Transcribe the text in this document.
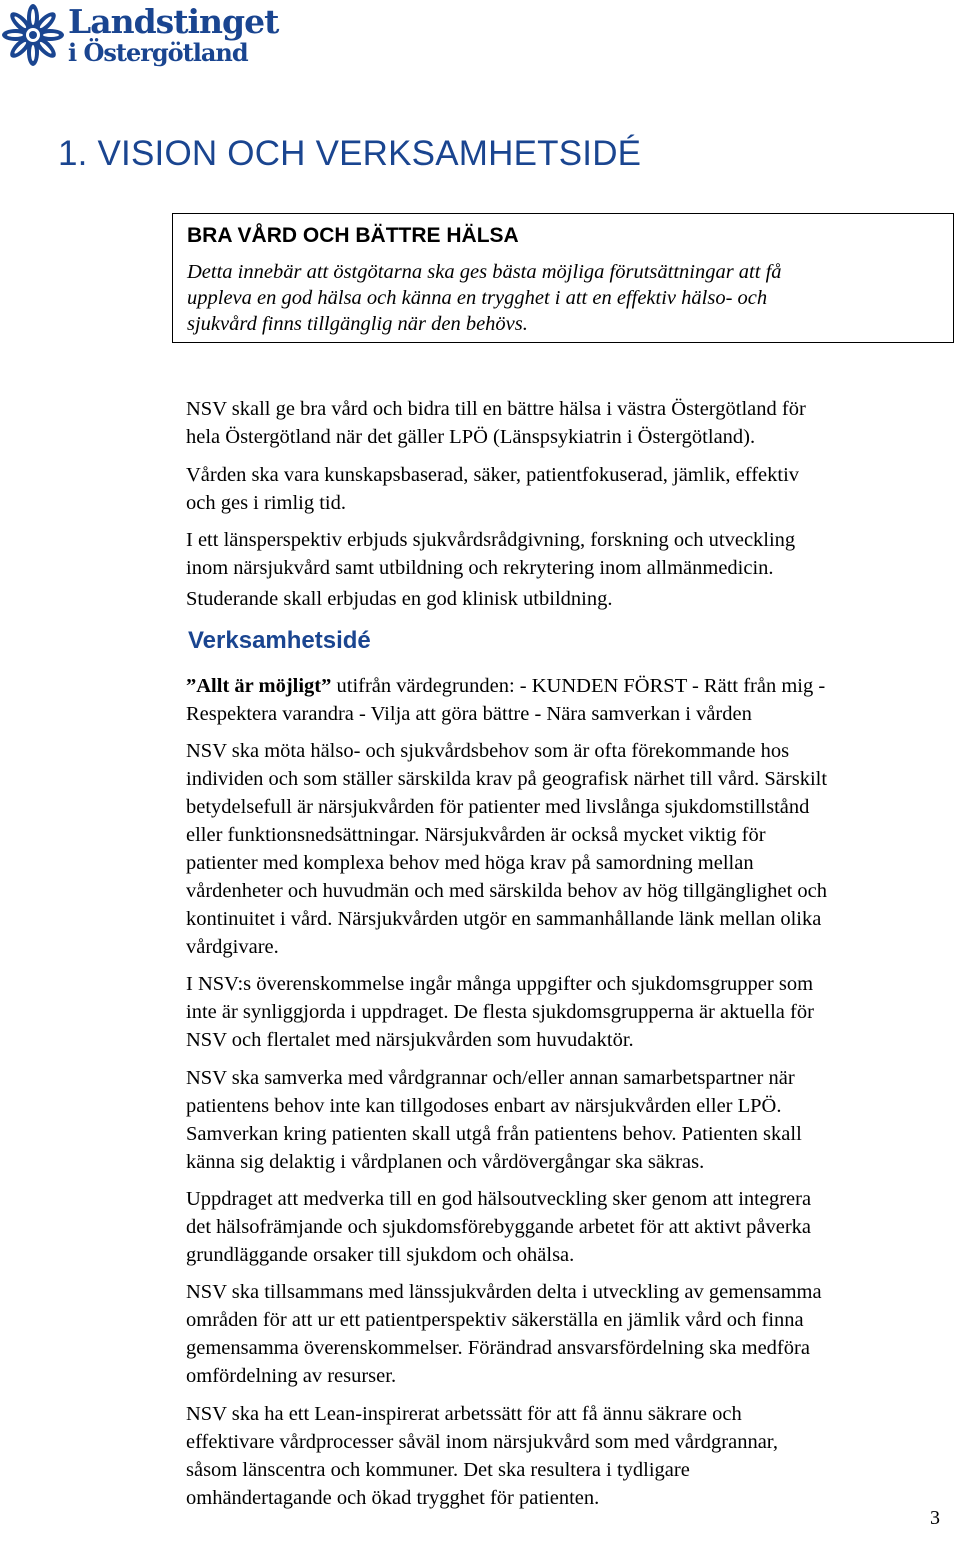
Landstinget
i Östergötland
1. VISION OCH VERKSAMHETSIDÉ
BRA VÅRD OCH BÄTTRE HÄLSA

Detta innebär att östgötarna ska ges bästa möjliga förutsättningar att få
uppleva en god hälsa och känna en trygghet i att en effektiv hälso- och
sjukvård finns tillgänglig när den behövs.

NSV skall ge bra vård och bidra till en bättre hälsa i västra Östergötland för
hela Östergötland när det gäller LPÖ (Länspsykiatrin i Östergötland).

Vården ska vara kunskapsbaserad, säker, patientfokuserad, jämlik, effektiv
och ges i rimlig tid.

I ett länsperspektiv erbjuds sjukvårdsrådgivning, forskning och utveckling
inom närsjukvård samt utbildning och rekrytering inom allmänmedicin.
Studerande skall erbjudas en god klinisk utbildning.

Verksamhetsidé

”Allt är möjligt” utifrån värdegrunden: - KUNDEN FÖRST - Rätt från mig -
Respektera varandra - Vilja att göra bättre - Nära samverkan i vården

NSV ska möta hälso- och sjukvårdsbehov som är ofta förekommande hos
individen och som ställer särskilda krav på geografisk närhet till vård. Särskilt
betydelsefull är närsjukvården för patienter med livslånga sjukdomstillstånd
eller funktionsnedsättningar. Närsjukvården är också mycket viktig för
patienter med komplexa behov med höga krav på samordning mellan
vårdenheter och huvudmän och med särskilda behov av hög tillgänglighet och
kontinuitet i vård. Närsjukvården utgör en sammanhållande länk mellan olika
vårdgivare.

I NSV:s överenskommelse ingår många uppgifter och sjukdomsgrupper som
inte är synliggjorda i uppdraget. De flesta sjukdomsgrupperna är aktuella för
NSV och flertalet med närsjukvården som huvudaktör.

NSV ska samverka med vårdgrannar och/eller annan samarbetspartner när
patientens behov inte kan tillgodoses enbart av närsjukvården eller LPÖ.
Samverkan kring patienten skall utgå från patientens behov. Patienten skall
känna sig delaktig i vårdplanen och vårdövergångar ska säkras.

Uppdraget att medverka till en god hälsoutveckling sker genom att integrera
det hälsofrämjande och sjukdomsförebyggande arbetet för att aktivt påverka
grundläggande orsaker till sjukdom och ohälsa.

NSV ska tillsammans med länssjukvården delta i utveckling av gemensamma
områden för att ur ett patientperspektiv säkerställa en jämlik vård och finna
gemensamma överenskommelser. Förändrad ansvarsfördelning ska medföra
omfördelning av resurser.

NSV ska ha ett Lean-inspirerat arbetssätt för att få ännu säkrare och
effektivare vårdprocesser såväl inom närsjukvård som med vårdgrannar,
såsom länscentra och kommuner. Det ska resultera i tydligare
omhändertagande och ökad trygghet för patienten.

3
